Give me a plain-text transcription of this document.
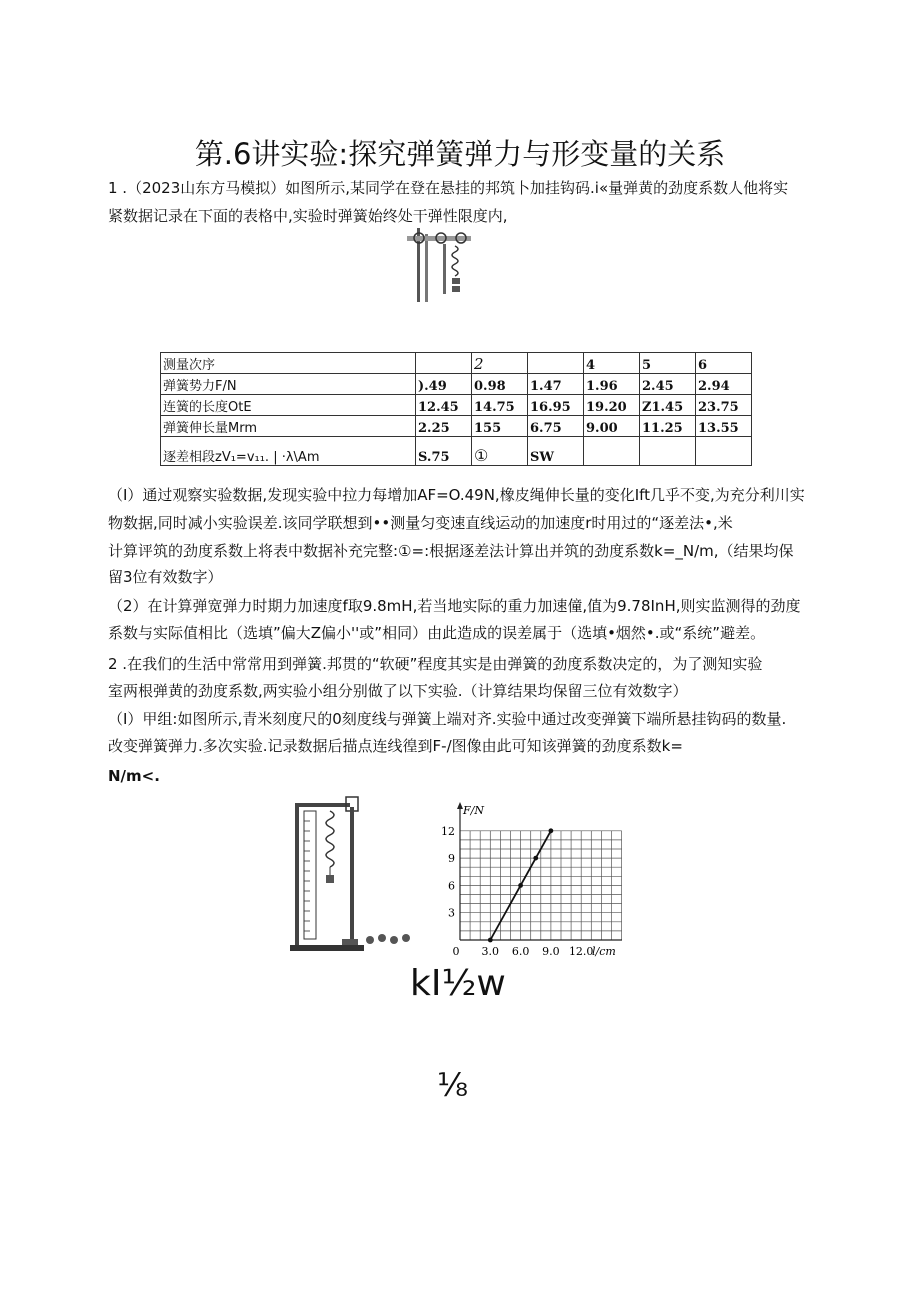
第.6讲实验:探究弹簧弹力与形变量的关系
1 .（2023山东方马模拟）如图所示,某同学在登在悬挂的邦筑卜加挂钩码.i«量弹黄的劲度系数人他将实
紧数据记录在下面的表格中,实验时弹簧始终处干弹性限度内,
测量次序		2		4	5	6
弹簧势力F/N	).49	0.98	1.47	1.96	2.45	2.94
连簧的长度OtE	12.45	14.75	16.95	19.20	Z1.45	23.75
弹簧伸长量Mrm	2.25	155	6.75	9.00	11.25	13.55
逐差相段zV₁=v₁₁. | ·λ\Am	S.75	①	SW			
（I）通过观察实验数据,发现实验中拉力每增加AF=O.49N,橡皮绳伸长量的变化Ift几乎不变,为充分利川实
物数据,同时减小实验误差.该同学联想到••测量匀变速直线运动的加速度r时用过的“逐差法•,米
计算评筑的劲度系数上将表中数据补充完整:①=:根据逐差法计算出并筑的劲度系数k=_N/m,（结果均保
留3位有效数字）
（2）在计算弹宽弹力时期力加速度f取9.8mH,若当地实际的重力加速僮,值为9.78InH,则实监测得的劲度
系数与实际值相比（选填”偏大Z偏小''或”相同）由此造成的误差属于（选填•烟然•.或“系统”避差。
2 .在我们的生活中常常用到弹簧.邦贯的“软硬”程度其实是由弹簧的劲度系数决定的，为了测知实验
室两根弹黄的劲度系数,两实验小组分别做了以下实验.（计算结果均保留三位有效数字）
（I）甲组:如图所示,青米刻度尺的0刻度线与弹簧上端对齐.实验中通过改变弹簧下端所悬挂钩码的数量.
改变弹簧弹力.多次实验.记录数据后描点连线徨到F-/图像由此可知该弹簧的劲度系数k=
N/m<.
F/N
l/cm
0 3.0 6.0 9.0 12.0
3
6
9
12
kI½w
⅛
